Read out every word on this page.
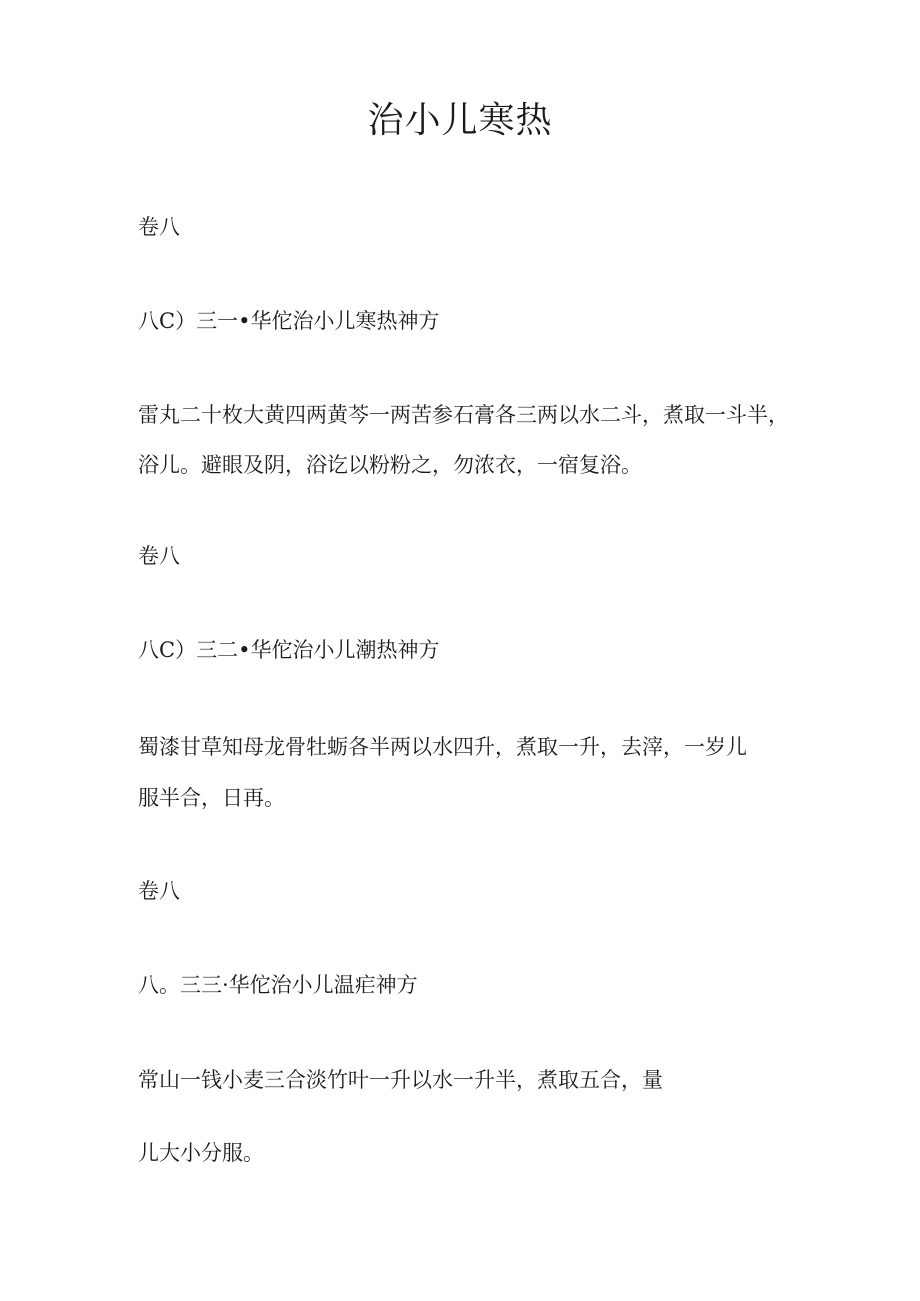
治小儿寒热
卷八
八C）三一•华佗治小儿寒热神方
雷丸二十枚大黄四两黄芩一两苦参石膏各三两以水二斗，煮取一斗半，
浴儿。避眼及阴，浴讫以粉粉之，勿浓衣，一宿复浴。
卷八
八C）三二•华佗治小儿潮热神方
蜀漆甘草知母龙骨牡蛎各半两以水四升，煮取一升，去滓，一岁儿
服半合，日再。
卷八
八。三三·华佗治小儿温疟神方
常山一钱小麦三合淡竹叶一升以水一升半，煮取五合，量
儿大小分服。
